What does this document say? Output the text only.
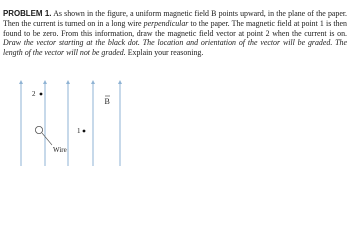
PROBLEM 1. As shown in the figure, a uniform magnetic field B points upward, in the plane of the paper. Then the current is turned on in a long wire perpendicular to the paper. The magnetic field at point 1 is then found to be zero. From this information, draw the magnetic field vector at point 2 when the current is on. Draw the vector starting at the black dot. The location and orientation of the vector will be graded. The length of the vector will not be graded. Explain your reasoning.

B
2
1
Wire
